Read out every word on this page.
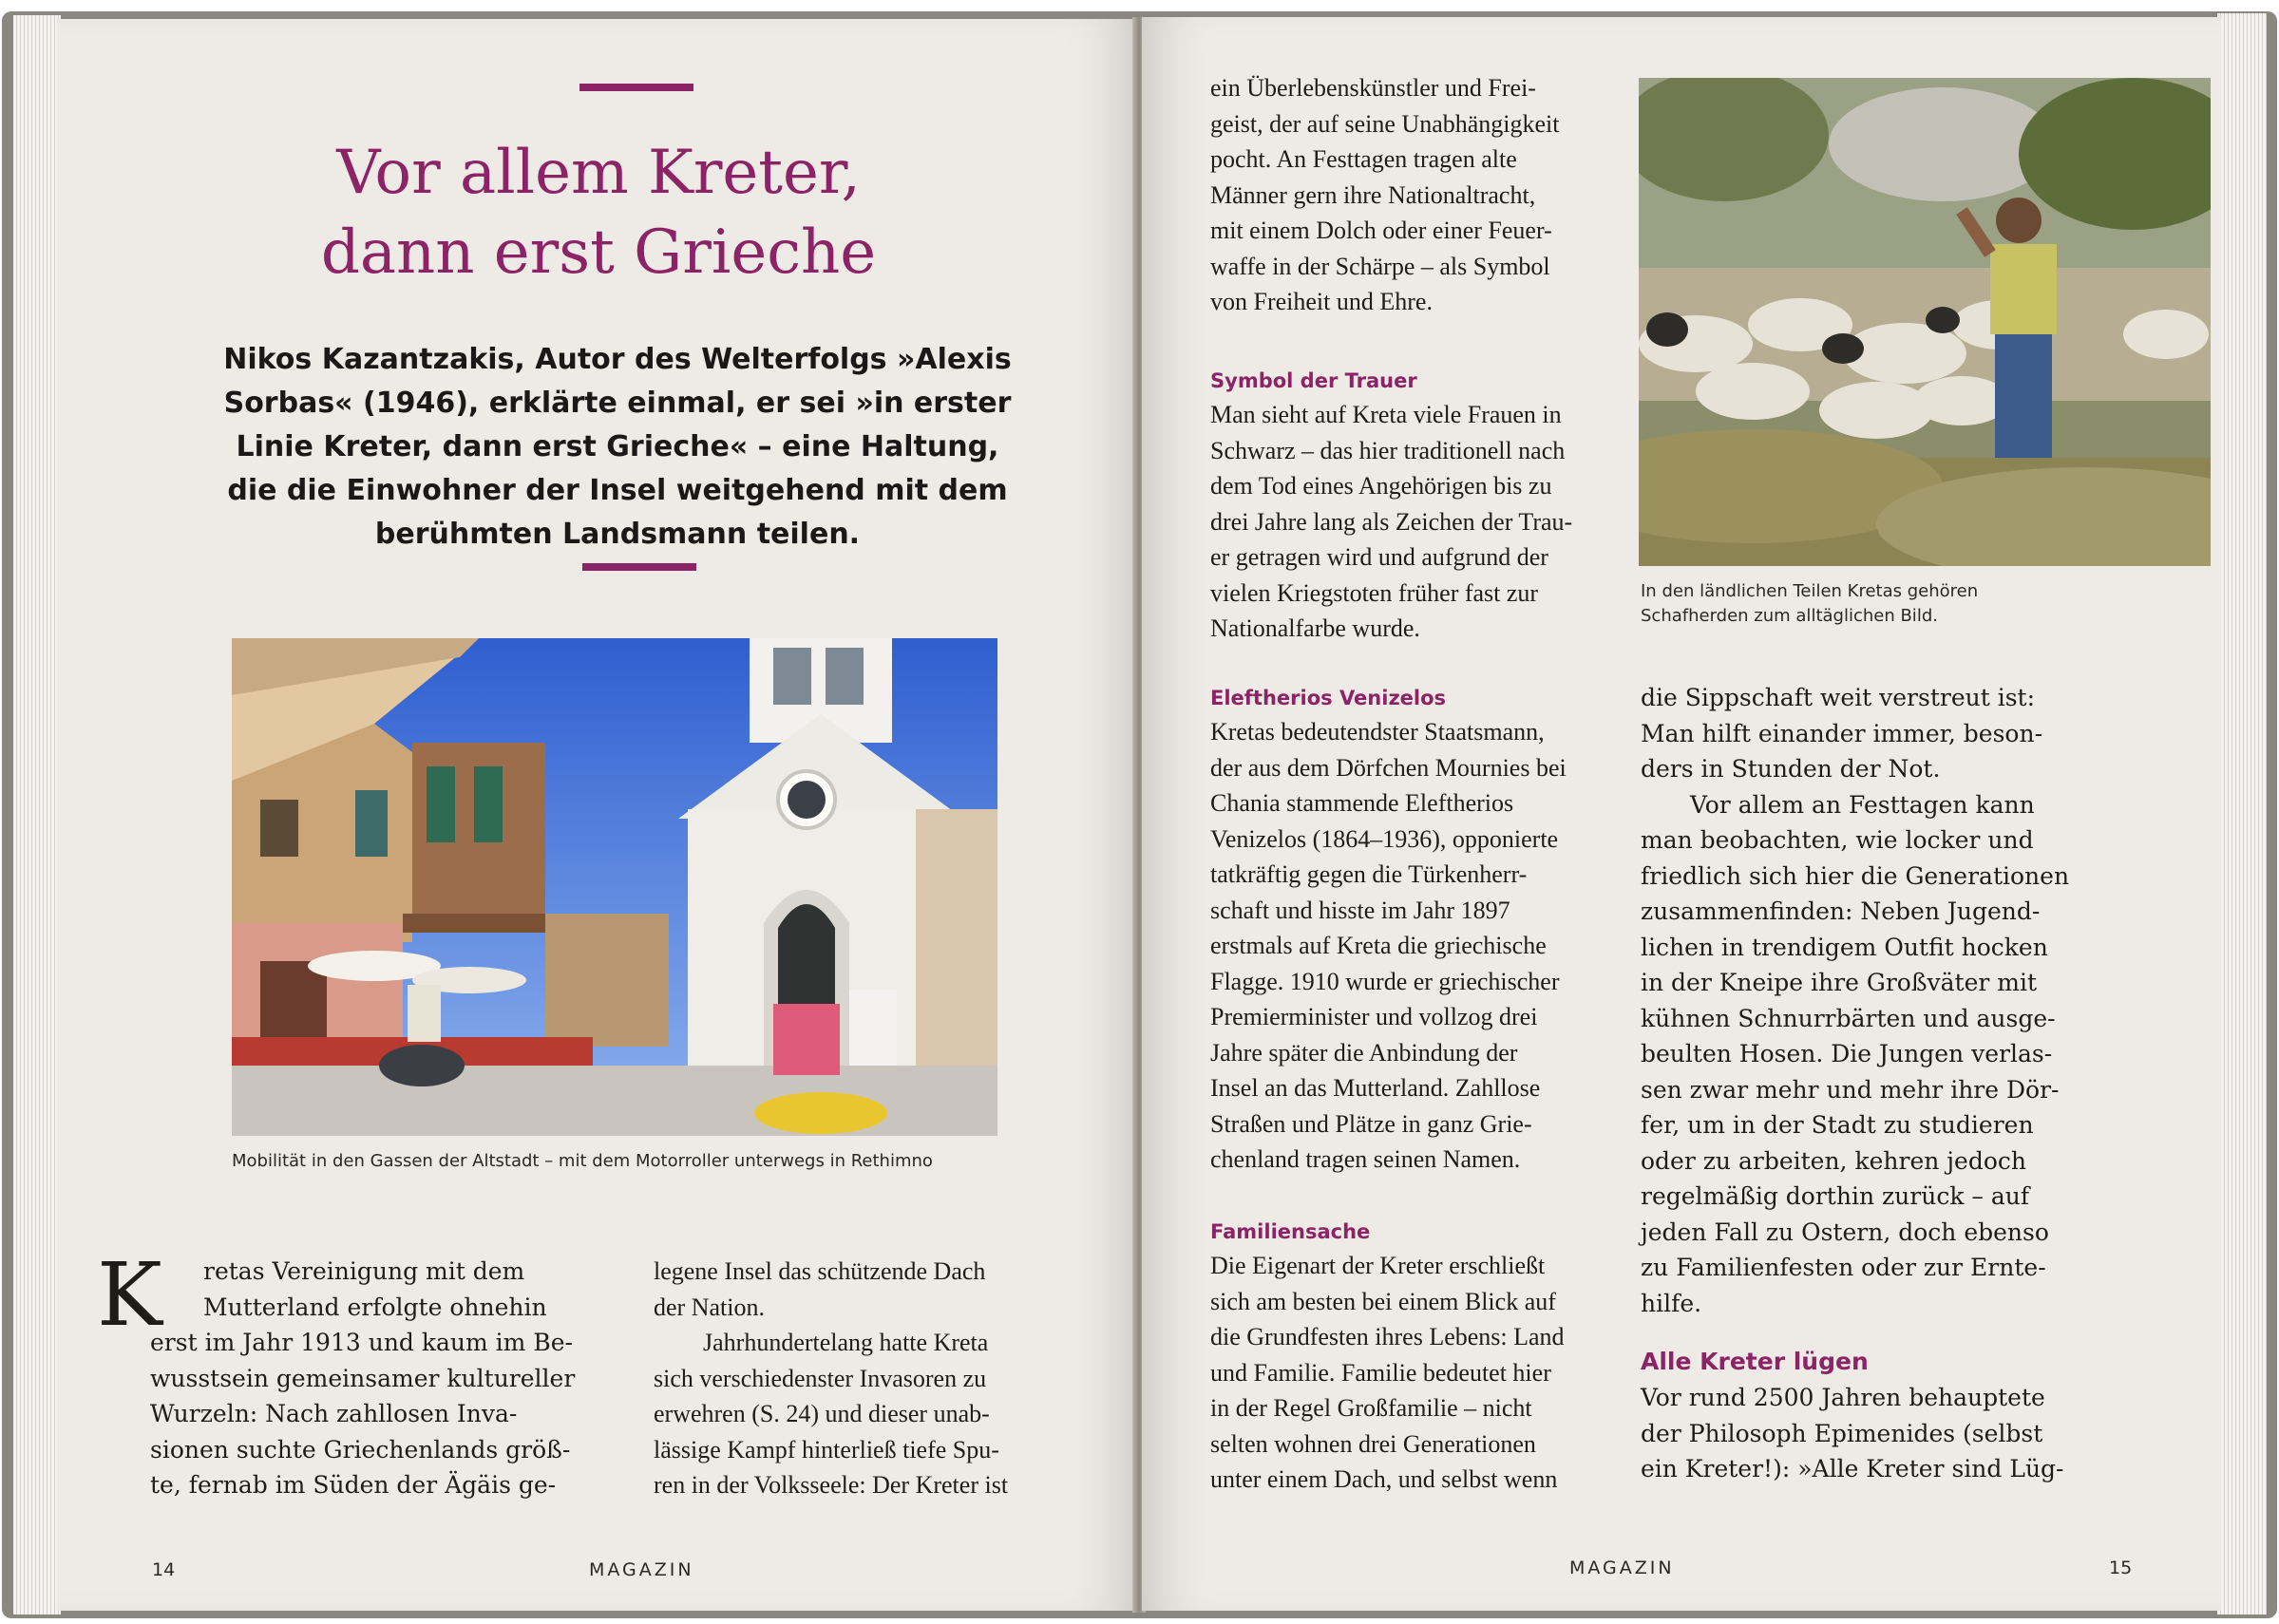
Vor allem Kreter,
dann erst Grieche
Nikos Kazantzakis, Autor des Welterfolgs »Alexis
Sorbas« (1946), erklärte einmal, er sei »in erster
Linie Kreter, dann erst Grieche« – eine Haltung,
die die Einwohner der Insel weitgehend mit dem
berühmten Landsmann teilen.
Mobilität in den Gassen der Altstadt – mit dem Motorroller unterwegs in Rethimno
K	retas Vereinigung mit dem
Mutterland erfolgte ohnehin
erst im Jahr 1913 und kaum im Be-
wusstsein gemeinsamer kultureller
Wurzeln: Nach zahllosen Inva-
sionen suchte Griechenlands größ-
te, fernab im Süden der Ägäis ge-
legene Insel das schützende Dach
der Nation.
Jahrhundertelang hatte Kreta
sich verschiedenster Invasoren zu
erwehren (S. 24) und dieser unab-
lässige Kampf hinterließ tiefe Spu-
ren in der Volksseele: Der Kreter ist
14	MAGAZIN
ein Überlebenskünstler und Frei-
geist, der auf seine Unabhängigkeit
pocht. An Festtagen tragen alte
Männer gern ihre Nationaltracht,
mit einem Dolch oder einer Feuer-
waffe in der Schärpe – als Symbol
von Freiheit und Ehre.
Symbol der Trauer
Man sieht auf Kreta viele Frauen in
Schwarz – das hier traditionell nach
dem Tod eines Angehörigen bis zu
drei Jahre lang als Zeichen der Trau-
er getragen wird und aufgrund der
vielen Kriegstoten früher fast zur
Nationalfarbe wurde.
Eleftherios Venizelos
Kretas bedeutendster Staatsmann,
der aus dem Dörfchen Mournies bei
Chania stammende Eleftherios
Venizelos (1864–1936), opponierte
tatkräftig gegen die Türkenherr-
schaft und hisste im Jahr 1897
erstmals auf Kreta die griechische
Flagge. 1910 wurde er griechischer
Premierminister und vollzog drei
Jahre später die Anbindung der
Insel an das Mutterland. Zahllose
Straßen und Plätze in ganz Grie-
chenland tragen seinen Namen.
Familiensache
Die Eigenart der Kreter erschließt
sich am besten bei einem Blick auf
die Grundfesten ihres Lebens: Land
und Familie. Familie bedeutet hier
in der Regel Großfamilie – nicht
selten wohnen drei Generationen
unter einem Dach, und selbst wenn
In den ländlichen Teilen Kretas gehören
Schafherden zum alltäglichen Bild.
die Sippschaft weit verstreut ist:
Man hilft einander immer, beson-
ders in Stunden der Not.
Vor allem an Festtagen kann
man beobachten, wie locker und
friedlich sich hier die Generationen
zusammenfinden: Neben Jugend-
lichen in trendigem Outfit hocken
in der Kneipe ihre Großväter mit
kühnen Schnurrbärten und ausge-
beulten Hosen. Die Jungen verlas-
sen zwar mehr und mehr ihre Dör-
fer, um in der Stadt zu studieren
oder zu arbeiten, kehren jedoch
regelmäßig dorthin zurück – auf
jeden Fall zu Ostern, doch ebenso
zu Familienfesten oder zur Ernte-
hilfe.
Alle Kreter lügen
Vor rund 2500 Jahren behauptete
der Philosoph Epimenides (selbst
ein Kreter!): »Alle Kreter sind Lüg-
MAGAZIN	15
